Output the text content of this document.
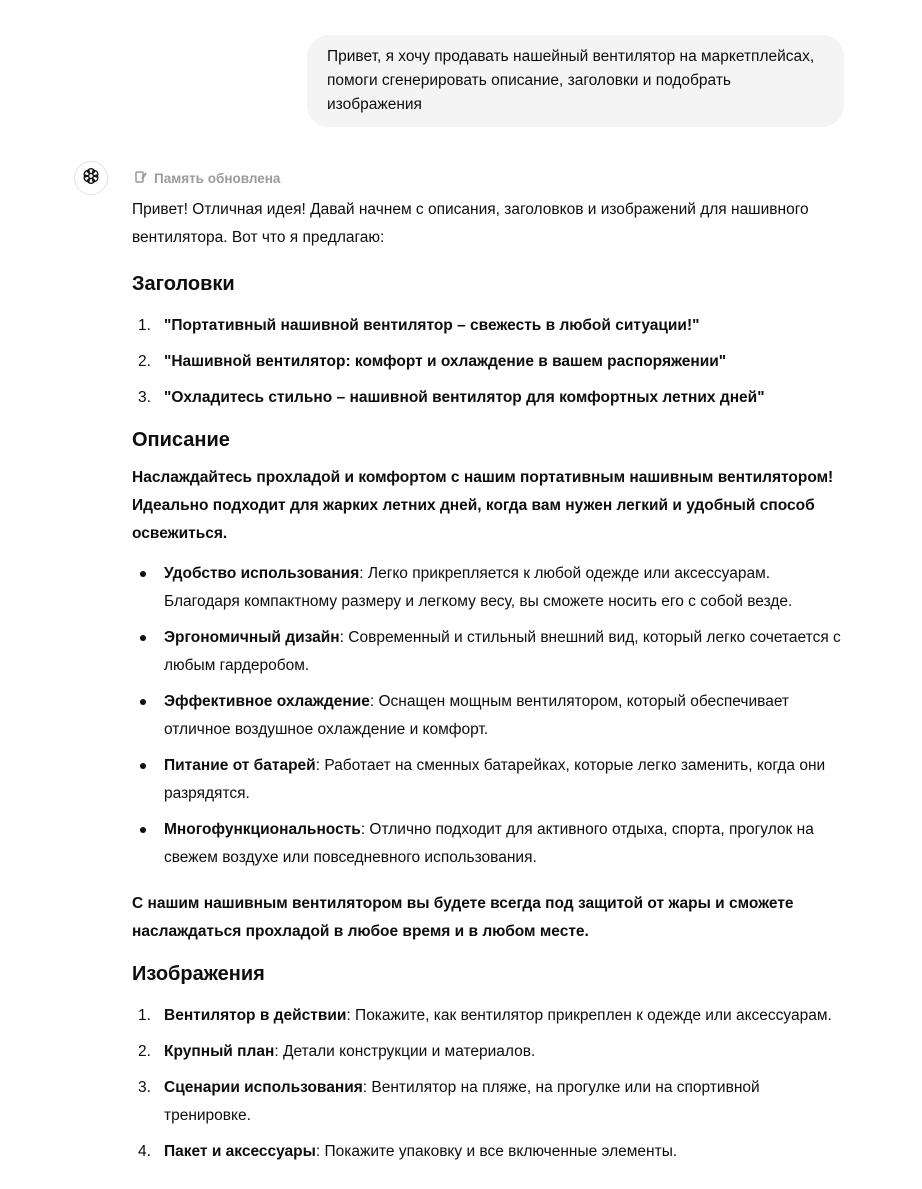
Привет, я хочу продавать нашейный вентилятор на маркетплейсах, помоги сгенерировать описание, заголовки и подобрать изображения
Память обновлена

Привет! Отличная идея! Давай начнем с описания, заголовков и изображений для нашивного вентилятора. Вот что я предлагаю:

Заголовки
1. "Портативный нашивной вентилятор – свежесть в любой ситуации!"
2. "Нашивной вентилятор: комфорт и охлаждение в вашем распоряжении"
3. "Охладитесь стильно – нашивной вентилятор для комфортных летних дней"
Описание

Наслаждайтесь прохладой и комфортом с нашим портативным нашивным вентилятором! Идеально подходит для жарких летних дней, когда вам нужен легкий и удобный способ освежиться.

Удобство использования: Легко прикрепляется к любой одежде или аксессуарам. Благодаря компактному размеру и легкому весу, вы сможете носить его с собой везде.
Эргономичный дизайн: Современный и стильный внешний вид, который легко сочетается с любым гардеробом.
Эффективное охлаждение: Оснащен мощным вентилятором, который обеспечивает отличное воздушное охлаждение и комфорт.
Питание от батарей: Работает на сменных батарейках, которые легко заменить, когда они разрядятся.
Многофункциональность: Отлично подходит для активного отдыха, спорта, прогулок на свежем воздухе или повседневного использования.

С нашим нашивным вентилятором вы будете всегда под защитой от жары и сможете наслаждаться прохладой в любое время и в любом месте.

Изображения
1. Вентилятор в действии: Покажите, как вентилятор прикреплен к одежде или аксессуарам.
2. Крупный план: Детали конструкции и материалов.
3. Сценарии использования: Вентилятор на пляже, на прогулке или на спортивной тренировке.
4. Пакет и аксессуары: Покажите упаковку и все включенные элементы.
